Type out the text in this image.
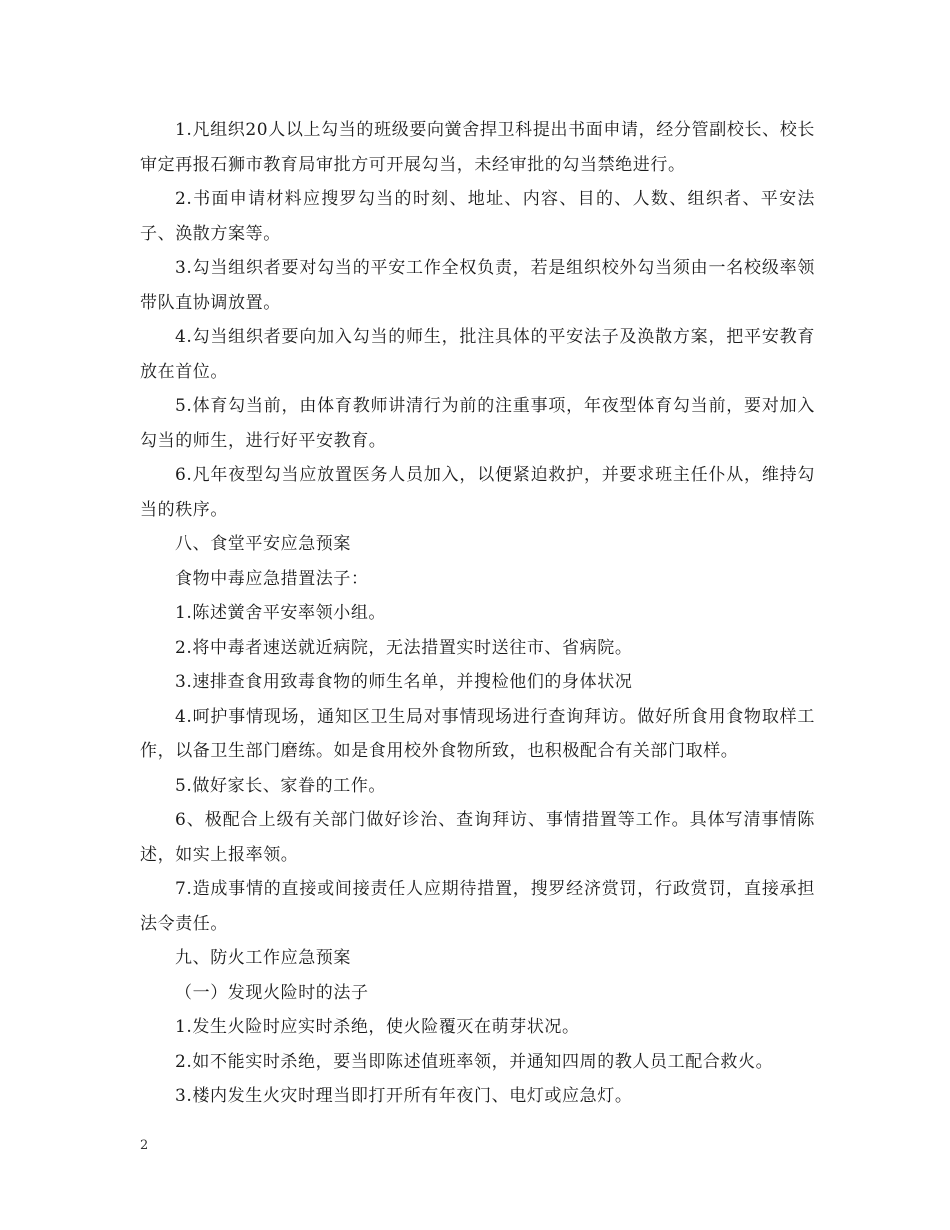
1.凡组织20人以上勾当的班级要向黉舍捍卫科提出书面申请，经分管副校长、校长审定再报石狮市教育局审批方可开展勾当，未经审批的勾当禁绝进行。

2.书面申请材料应搜罗勾当的时刻、地址、内容、目的、人数、组织者、平安法子、涣散方案等。

3.勾当组织者要对勾当的平安工作全权负责，若是组织校外勾当须由一名校级率领带队直协调放置。

4.勾当组织者要向加入勾当的师生，批注具体的平安法子及涣散方案，把平安教育放在首位。

5.体育勾当前，由体育教师讲清行为前的注重事项，年夜型体育勾当前，要对加入勾当的师生，进行好平安教育。

6.凡年夜型勾当应放置医务人员加入，以便紧迫救护，并要求班主任仆从，维持勾当的秩序。

八、食堂平安应急预案

食物中毒应急措置法子：

1.陈述黉舍平安率领小组。

2.将中毒者速送就近病院，无法措置实时送往市、省病院。

3.速排查食用致毒食物的师生名单，并搜检他们的身体状况

4.呵护事情现场，通知区卫生局对事情现场进行查询拜访。做好所食用食物取样工作，以备卫生部门磨练。如是食用校外食物所致，也积极配合有关部门取样。

5.做好家长、家眷的工作。

6、极配合上级有关部门做好诊治、查询拜访、事情措置等工作。具体写清事情陈述，如实上报率领。

7.造成事情的直接或间接责任人应期待措置，搜罗经济赏罚，行政赏罚，直接承担法令责任。

九、防火工作应急预案

（一）发现火险时的法子

1.发生火险时应实时杀绝，使火险覆灭在萌芽状况。

2.如不能实时杀绝，要当即陈述值班率领，并通知四周的教人员工配合救火。

3.楼内发生火灾时理当即打开所有年夜门、电灯或应急灯。

2
